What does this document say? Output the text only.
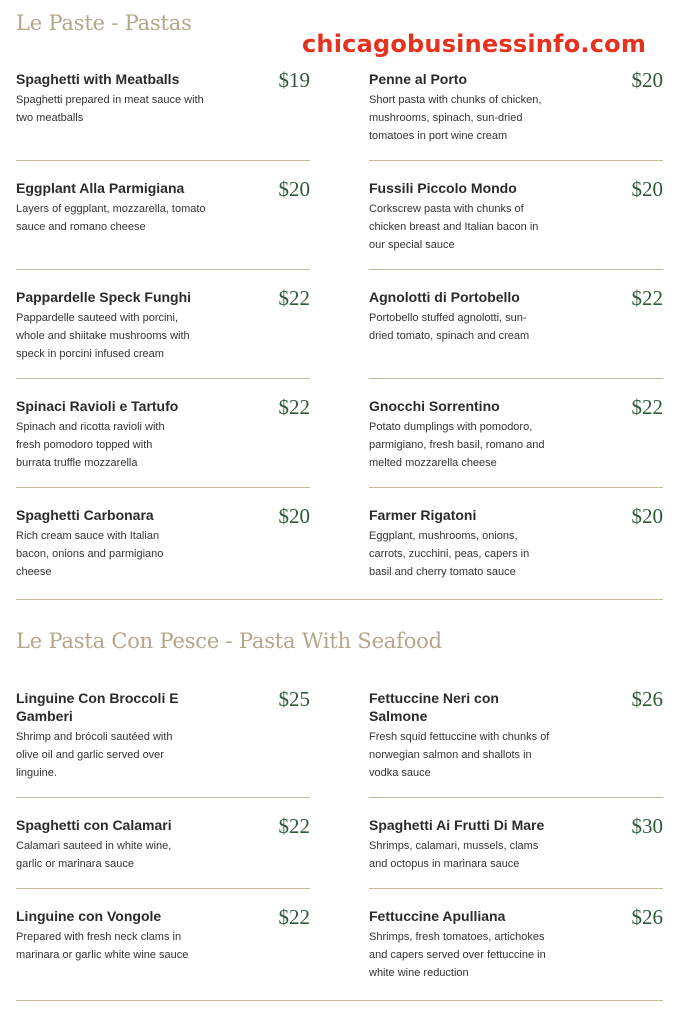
Le Paste - Pastas
chicagobusinessinfo.com
Spaghetti with Meatballs	$19
Spaghetti prepared in meat sauce with two meatballs
Penne al Porto	$20
Short pasta with chunks of chicken, mushrooms, spinach, sun-dried tomatoes in port wine cream
Eggplant Alla Parmigiana	$20
Layers of eggplant, mozzarella, tomato sauce and romano cheese
Fussili Piccolo Mondo	$20
Corkscrew pasta with chunks of chicken breast and Italian bacon in our special sauce
Pappardelle Speck Funghi	$22
Pappardelle sauteed with porcini, whole and shiitake mushrooms with speck in porcini infused cream
Agnolotti di Portobello	$22
Portobello stuffed agnolotti, sun-dried tomato, spinach and cream
Spinaci Ravioli e Tartufo	$22
Spinach and ricotta ravioli with fresh pomodoro topped with burrata truffle mozzarella
Gnocchi Sorrentino	$22
Potato dumplings with pomodoro, parmigiano, fresh basil, romano and melted mozzarella cheese
Spaghetti Carbonara	$20
Rich cream sauce with Italian bacon, onions and parmigiano cheese
Farmer Rigatoni	$20
Eggplant, mushrooms, onions, carrots, zucchini, peas, capers in basil and cherry tomato sauce
Le Pasta Con Pesce - Pasta With Seafood
Linguine Con Broccoli E Gamberi
$25
Shrimp and brócoli sautéed with olive oil and garlic served over linguine.
Fettuccine Neri con Salmone
$26
Fresh squid fettuccine with chunks of norwegian salmon and shallots in vodka sauce
Spaghetti con Calamari	$22
Calamari sauteed in white wine, garlic or marinara sauce
Spaghetti Ai Frutti Di Mare	$30
Shrimps, calamari, mussels, clams and octopus in marinara sauce
Linguine con Vongole	$22
Prepared with fresh neck clams in marinara or garlic white wine sauce
Fettuccine Apulliana	$26
Shrimps, fresh tomatoes, artichokes and capers served over fettuccine in white wine reduction
